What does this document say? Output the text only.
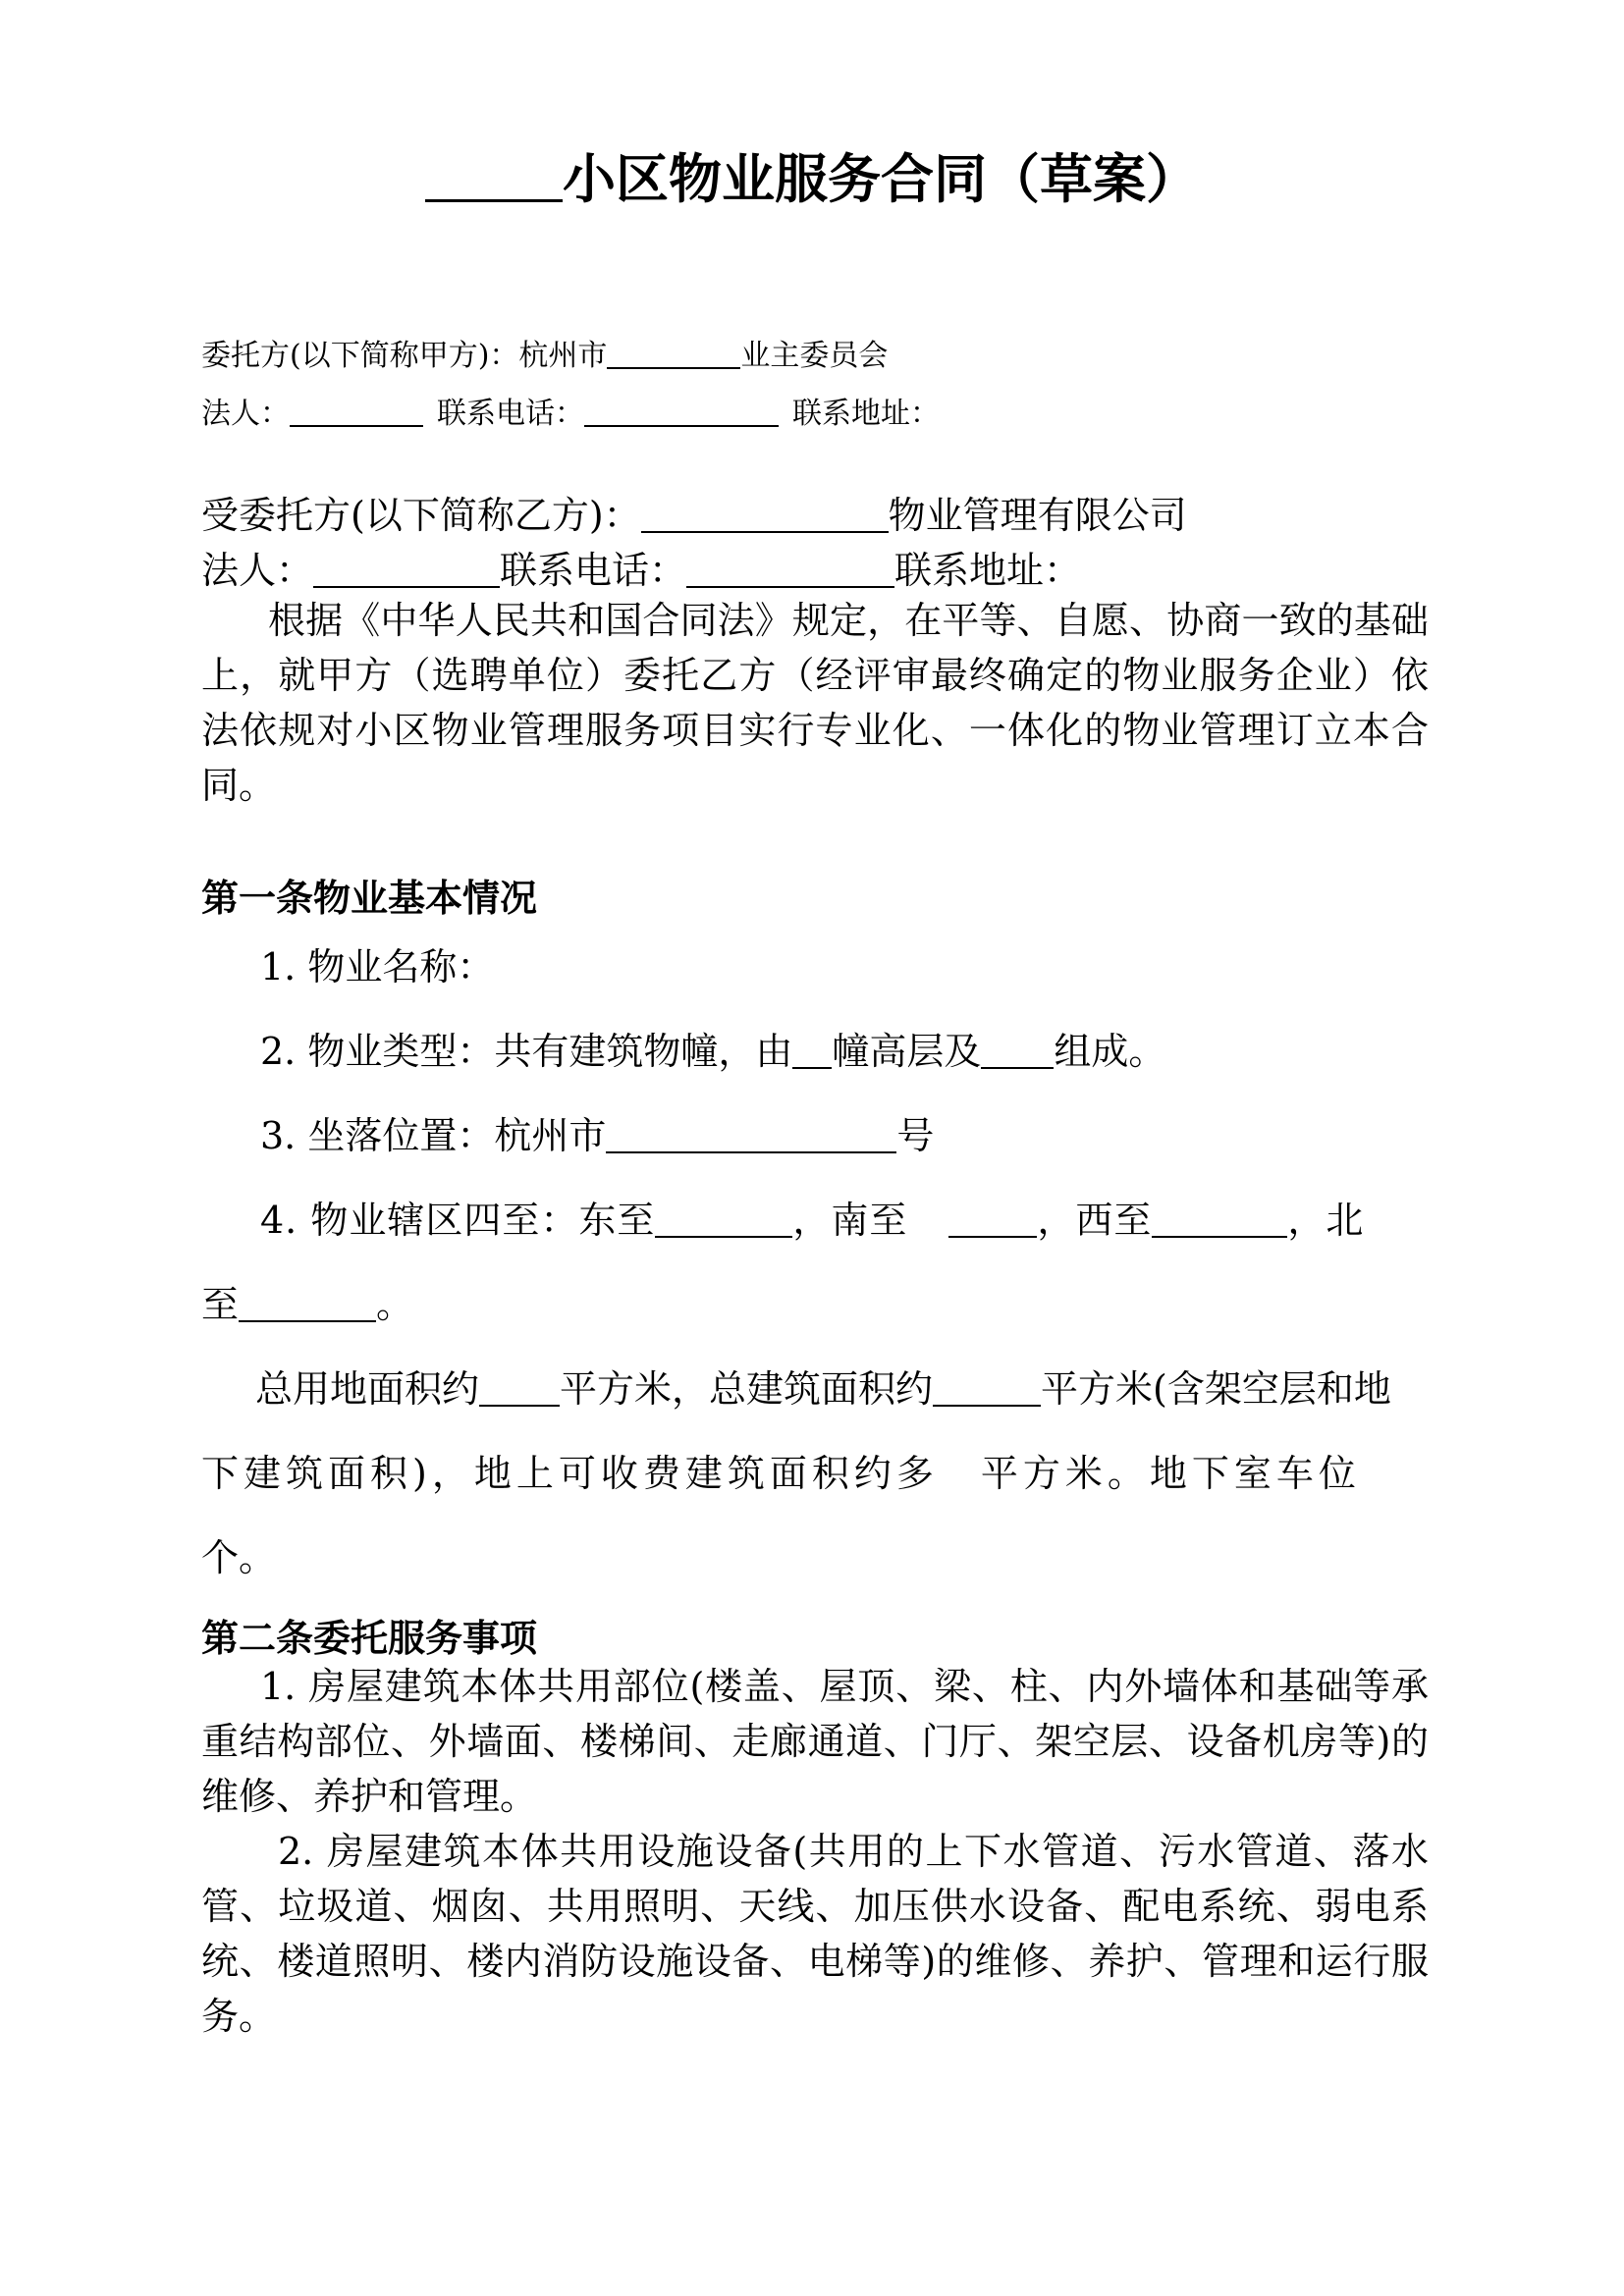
小区物业服务合同（草案）
委托方(以下简称甲方)：杭州市	业主委员会
法人：	联系电话：	联系地址：
受委托方(以下简称乙方)：	物业管理有限公司
法人：	联系电话：	联系地址：
根据《中华人民共和国合同法》规定，在平等、自愿、协商一致的基础上，就甲方（选聘单位）委托乙方（经评审最终确定的物业服务企业）依法依规对小区物业管理服务项目实行专业化、一体化的物业管理订立本合同。
第一条物业基本情况
1. 物业名称：
2. 物业类型：共有建筑物幢，由 幢高层及 组成。
3. 坐落位置：杭州市	号
4. 物业辖区四至：东至	，南至	，西至	，北
至	。
总用地面积约 平方米，总建筑面积约	平方米(含架空层和地
下建筑面积)，地上可收费建筑面积约多　平方米。地下室车位
个。
第二条委托服务事项
1. 房屋建筑本体共用部位(楼盖、屋顶、梁、柱、内外墙体和基础等承重结构部位、外墙面、楼梯间、走廊通道、门厅、架空层、设备机房等)的维修、养护和管理。
2. 房屋建筑本体共用设施设备(共用的上下水管道、污水管道、落水管、垃圾道、烟囱、共用照明、天线、加压供水设备、配电系统、弱电系统、楼道照明、楼内消防设施设备、电梯等)的维修、养护、管理和运行服务。
